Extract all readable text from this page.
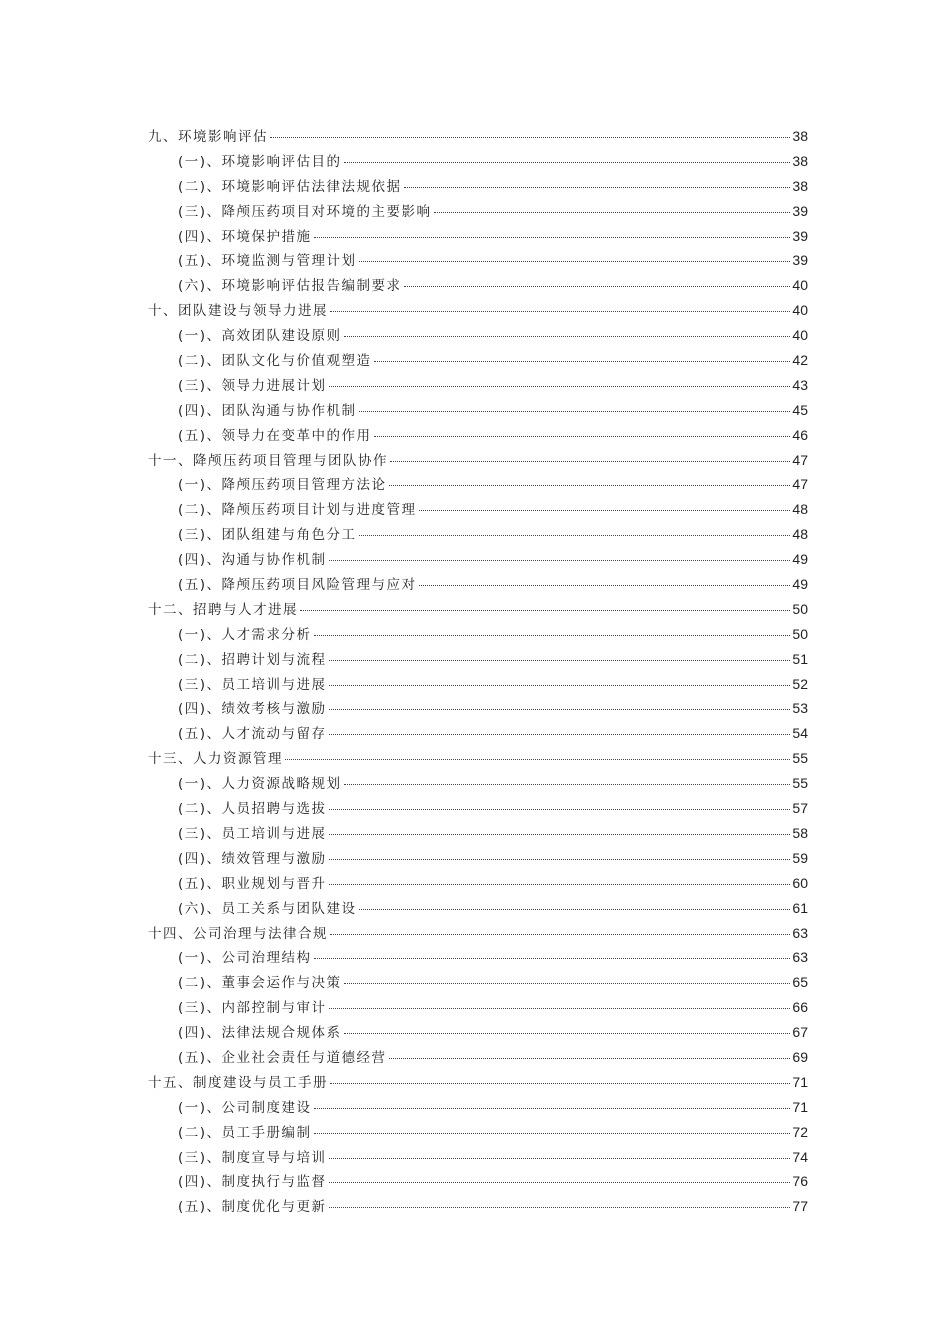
九、环境影响评估	38
(一)、环境影响评估目的	38
(二)、环境影响评估法律法规依据	38
(三)、降颅压药项目对环境的主要影响	39
(四)、环境保护措施	39
(五)、环境监测与管理计划	39
(六)、环境影响评估报告编制要求	40
十、团队建设与领导力进展	40
(一)、高效团队建设原则	40
(二)、团队文化与价值观塑造	42
(三)、领导力进展计划	43
(四)、团队沟通与协作机制	45
(五)、领导力在变革中的作用	46
十一、降颅压药项目管理与团队协作	47
(一)、降颅压药项目管理方法论	47
(二)、降颅压药项目计划与进度管理	48
(三)、团队组建与角色分工	48
(四)、沟通与协作机制	49
(五)、降颅压药项目风险管理与应对	49
十二、招聘与人才进展	50
(一)、人才需求分析	50
(二)、招聘计划与流程	51
(三)、员工培训与进展	52
(四)、绩效考核与激励	53
(五)、人才流动与留存	54
十三、人力资源管理	55
(一)、人力资源战略规划	55
(二)、人员招聘与选拔	57
(三)、员工培训与进展	58
(四)、绩效管理与激励	59
(五)、职业规划与晋升	60
(六)、员工关系与团队建设	61
十四、公司治理与法律合规	63
(一)、公司治理结构	63
(二)、董事会运作与决策	65
(三)、内部控制与审计	66
(四)、法律法规合规体系	67
(五)、企业社会责任与道德经营	69
十五、制度建设与员工手册	71
(一)、公司制度建设	71
(二)、员工手册编制	72
(三)、制度宣导与培训	74
(四)、制度执行与监督	76
(五)、制度优化与更新	77
